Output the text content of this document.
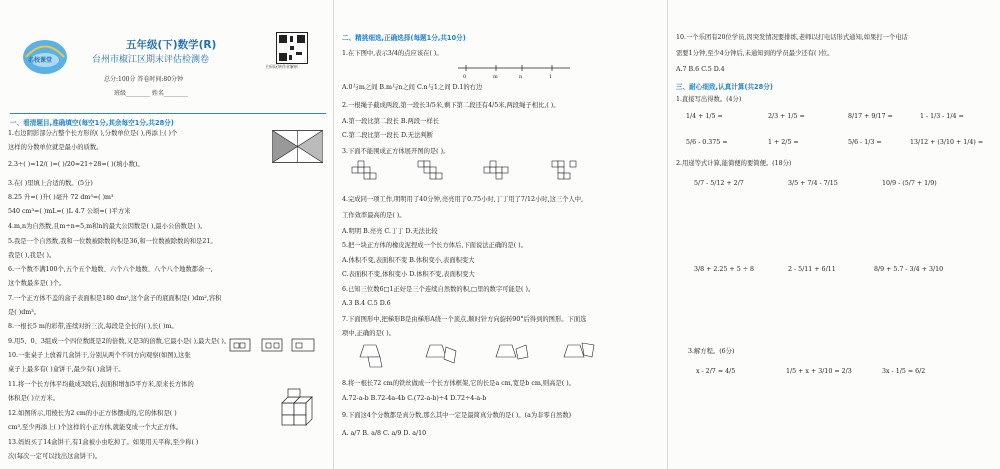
名校课堂
五年级(下)数学(R)
台州市椒江区期末评估检测卷
总分:100分 答卷时间:80分钟
班级________ 姓名________
扫码玩转作业解析
一、看清题目,准确填空(每空1分,其余每空1分,共28分)
1.右边阴影部分占整个长方形的( ),分数单位是( ),再添上( )个
这样的分数单位就是最小的质数。
2.3÷( )=12/( )=( )/20=21÷28=( )(填小数)。
3.在( )里填上合适的数。(5分)
8.25 升=( )升( )毫升 72 dm³=( )m³
540 cm³=( )mL=( )L 4.7 公顷=( )平方米
4.m,n为自然数,且m÷n=5,m和n的最大公因数是( ),最小公倍数是( )。
5.我是一个自然数,我和一位数被除数的积是36,和一位数被除数的和是21。
我是( ),我是( )。
6.一个数不满100个,五个五个地数、六个六个地数、八个八个地数都余一,
这个数最多是( )个。
7.一个正方体不盖的盒子表面积是180 dm²,这个盒子的底面积是( )dm²,容积
是( )dm³。
8.一根长5 m的彩带,连续对折三次,每段是全长的( ),长( )m。
9.用5、0、3组成一个四位数既是2的倍数,又是3的倍数,它最小是( ),最大是( )。
10.一张桌子上放着几盒饼干,分别从两个不同方向观察(如图),这张
桌子上最多有( )盒饼干,最少有( )盒饼干。
11.将一个长方体平均截成3段后,表面积增加5平方米,原来长方体的
体积是( )立方米。
12.如图所示,用棱长为2 cm的小正方体摆成的,它的体积是( )
cm³,至少再添上( )个这样的小正方体,就能变成一个大正方体。
13.妈妈买了14盒饼干,有1盒被小虫吃掉了。如果用天平称,至少称( )
次(每次一定可以找出这盒饼干)。
二、精挑细选,正确选择(每题1分,共10分)
1.在下图中,表示3/4的点应该在( )。
0	m	n	1
A.0与m之间 B.m与n之间 C.n与1之间 D.1的右边
2.一根绳子截成两段,第一段长3/5米,剩下第二段还有4/5米,两段绳子相比,( )。
A.第一段比第二段长 B.两段一样长
C.第二段比第一段长 D.无法判断
3.下面不能围成正方体展开图的是( )。
4.完成同一项工作,明明用了40分钟,亮亮用了0.75小时,丁丁用了7/12小时,这三个人中,
工作效率最高的是( )。
A.明明 B.亮亮 C.丁丁 D.无法比较
5.把一块正方体的橡皮泥捏成一个长方体后,下面说法正确的是( )。
A.体积不变,表面积不变 B.体积变小,表面积变大
C.表面积不变,体积变小 D.体积不变,表面积变大
6.已知三位数6□1正好是三个连续自然数的积,□里的数字可能是( )。
A.3 B.4 C.5 D.6
7.下面图形中,把梯形B是由梯形A绕一个顶点,顺时针方向旋转90°后得到的图形。下面选
项中,正确的是( )。
8.将一根长72 cm的铁丝做成一个长方体框架,它的长是a cm,宽是b cm,则高是( )。
A.72-a-b B.72-4a-4b C.(72-a-b)÷4 D.72÷4-a-b
9.下面这4个分数都是真分数,那么其中一定是最简真分数的是( )。(a为非零自然数)
A. a/7 B. a/8 C. a/9 D. a/10
10.一个乐团有20位学员,因突发情况要排练,老师以打电话形式通知,如果打一个电话
需要1分钟,至少4分钟后,未通知到的学员最少还有( )位。
A.7 B.6 C.5 D.4
三、耐心细致,认真计算(共28分)
1.直接写出得数。(4分)
1/4 + 1/5 =	2/3 + 1/5 =	8/17 + 9/17 =	1 - 1/3 - 1/4 =
5/6 - 0.375 =	1 + 2/5 =	5/6 - 1/3 =	13/12 + (3/10 + 1/4) =
2.用递等式计算,能简便的要简便。(18分)
5/7 - 5/12 + 2/7	3/5 + 7/4 - 7/15	10/9 - (5/7 + 1/9)
3/8 + 2.25 + 5 ÷ 8	2 - 5/11 + 6/11	8/9 + 5.7 - 3/4 + 3/10
3.解方程。(6分)
x - 2/7 = 4/5	1/5 + x + 3/10 = 2/3	3x - 1/5 = 6/2
